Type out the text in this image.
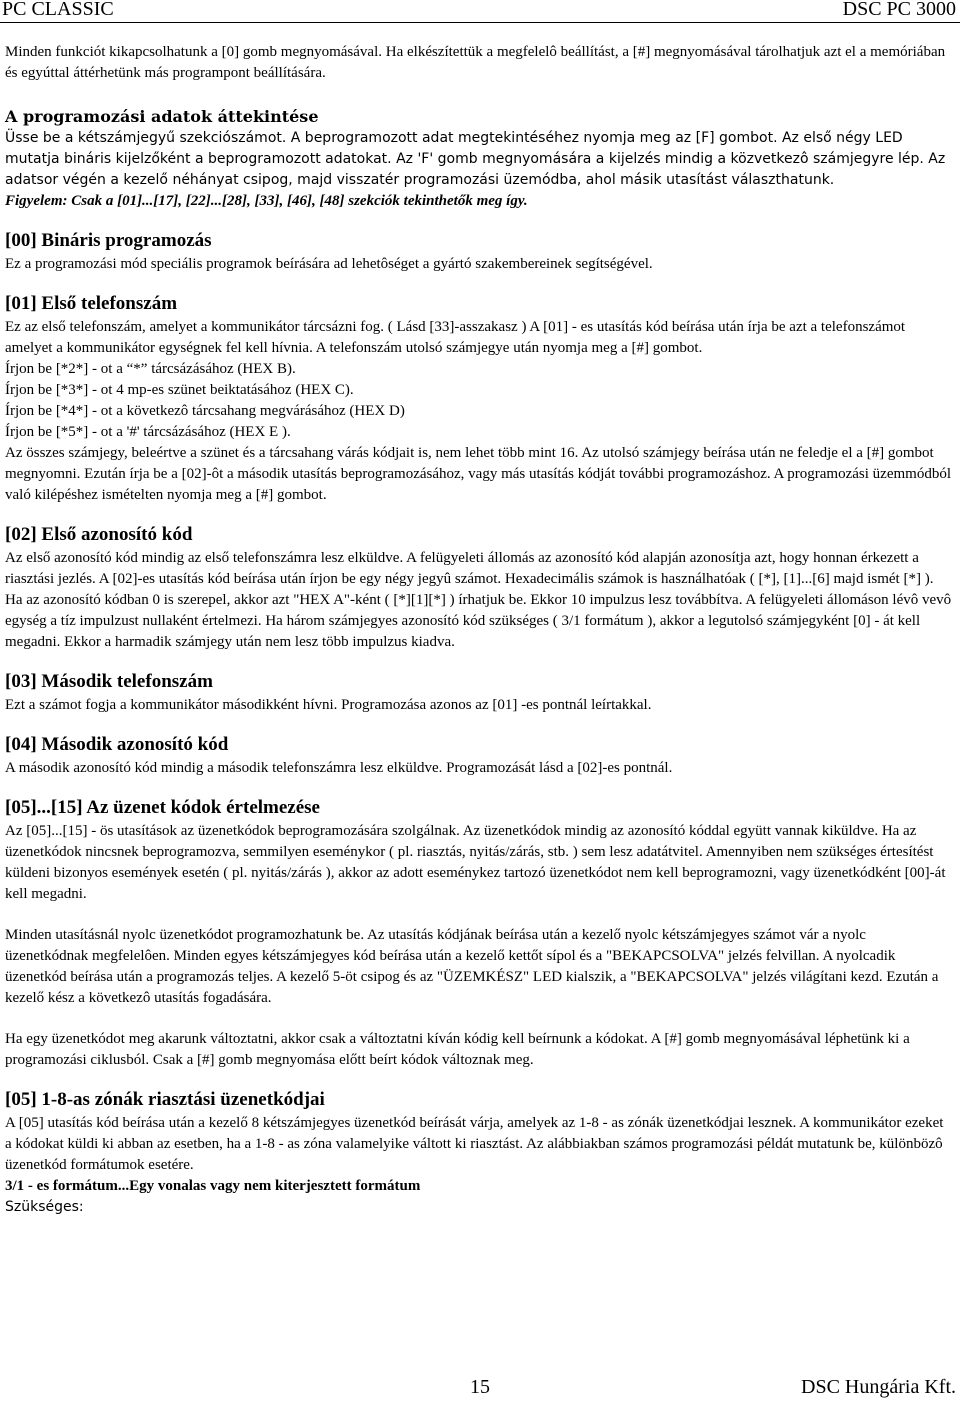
PC CLASSIC	DSC PC 3000

Minden funkciót kikapcsolhatunk a [0] gomb megnyomásával. Ha elkészítettük a megfelelô beállítást, a [#] megnyomásával tárolhatjuk azt el a memóriában és egyúttal áttérhetünk más programpont beállítására.

A programozási adatok áttekintése

Üsse be a kétszámjegyű szekciószámot. A beprogramozott adat megtekintéséhez nyomja meg az [F] gombot. Az első négy LED mutatja bináris kijelzőként a beprogramozott adatokat. Az 'F' gomb megnyomására a kijelzés mindig a közvetkezô számjegyre lép. Az adatsor végén a kezelő néhányat csipog, majd visszatér programozási üzemódba, ahol másik utasítást választhatunk.

Figyelem: Csak a [01]...[17], [22]...[28], [33], [46], [48] szekciók tekinthetők meg így.

[00] Bináris programozás

Ez a programozási mód speciális programok beírására ad lehetôséget a gyártó szakembereinek segítségével.

[01] Első telefonszám

Ez az első telefonszám, amelyet a kommunikátor tárcsázni fog. ( Lásd [33]-asszakasz ) A [01] - es utasítás kód beírása után írja be azt a telefonszámot amelyet a kommunikátor egységnek fel kell hívnia. A telefonszám utolsó számjegye után nyomja meg a [#] gombot.

Írjon be [*2*] - ot a “*” tárcsázásához (HEX B).

Írjon be [*3*] - ot 4 mp-es szünet beiktatásához (HEX C).

Írjon be [*4*] - ot a következô tárcsahang megvárásához (HEX D)

Írjon be [*5*] - ot a '#' tárcsázásához (HEX E ).

Az összes számjegy, beleértve a szünet és a tárcsahang várás kódjait is, nem lehet több mint 16. Az utolsó számjegy beírása után ne feledje el a [#] gombot megnyomni. Ezután írja be a [02]-ôt a második utasítás beprogramozásához, vagy más utasítás kódját további programozáshoz. A programozási üzemmódból való kilépéshez ismételten nyomja meg a [#] gombot.

[02] Első azonosító kód

Az első azonosító kód mindig az első telefonszámra lesz elküldve. A felügyeleti állomás az azonosító kód alapján azonosítja azt, hogy honnan érkezett a riasztási jezlés. A [02]-es utasítás kód beírása után írjon be egy négy jegyû számot. Hexadecimális számok is használhatóak ( [*], [1]...[6] majd ismét [*] ). Ha az azonosító kódban 0 is szerepel, akkor azt "HEX A"-ként ( [*][1][*] ) írhatjuk be. Ekkor 10 impulzus lesz továbbítva. A felügyeleti állomáson lévô vevô egység a tíz impulzust nullaként értelmezi. Ha három számjegyes azonosító kód szükséges ( 3/1 formátum ), akkor a legutolsó számjegyként [0] - át kell megadni. Ekkor a harmadik számjegy után nem lesz több impulzus kiadva.

[03] Második telefonszám

Ezt a számot fogja a kommunikátor másodikként hívni. Programozása azonos az [01] -es pontnál leírtakkal.

[04] Második azonosító kód

A második azonosító kód mindig a második telefonszámra lesz elküldve. Programozását lásd a [02]-es pontnál.

[05]...[15] Az üzenet kódok értelmezése

Az [05]...[15] - ös utasítások az üzenetkódok beprogramozására szolgálnak. Az üzenetkódok mindig az azonosító kóddal együtt vannak kiküldve. Ha az üzenetkódok nincsnek beprogramozva, semmilyen eseménykor ( pl. riasztás, nyitás/zárás, stb. ) sem lesz adatátvitel. Amennyiben nem szükséges értesítést küldeni bizonyos események esetén ( pl. nyitás/zárás ), akkor az adott eseménykez tartozó üzenetkódot nem kell beprogramozni, vagy üzenetkódként [00]-át kell megadni.

Minden utasításnál nyolc üzenetkódot programozhatunk be. Az utasítás kódjának beírása után a kezelő nyolc kétszámjegyes számot vár a nyolc üzenetkódnak megfelelôen. Minden egyes kétszámjegyes kód beírása után a kezelő kettőt sípol és a "BEKAPCSOLVA" jelzés felvillan. A nyolcadik üzenetkód beírása után a programozás teljes. A kezelő 5-öt csipog és az "ÜZEMKÉSZ" LED kialszik, a "BEKAPCSOLVA" jelzés világítani kezd. Ezután a kezelő kész a következô utasítás fogadására.

Ha egy üzenetkódot meg akarunk változtatni, akkor csak a változtatni kíván kódig kell beírnunk a kódokat. A [#] gomb megnyomásával léphetünk ki a programozási ciklusból. Csak a [#] gomb megnyomása előtt beírt kódok változnak meg.

[05] 1-8-as zónák riasztási üzenetkódjai

A [05] utasítás kód beírása után a kezelő 8 kétszámjegyes üzenetkód beírását várja, amelyek az 1-8 - as zónák üzenetkódjai lesznek. A kommunikátor ezeket a kódokat küldi ki abban az esetben, ha a 1-8 - as zóna valamelyike váltott ki riasztást. Az alábbiakban számos programozási példát mutatunk be, különbözô üzenetkód formátumok esetére.

3/1 - es formátum...Egy vonalas vagy nem kiterjesztett formátum

Szükséges:

15	DSC Hungária Kft.
